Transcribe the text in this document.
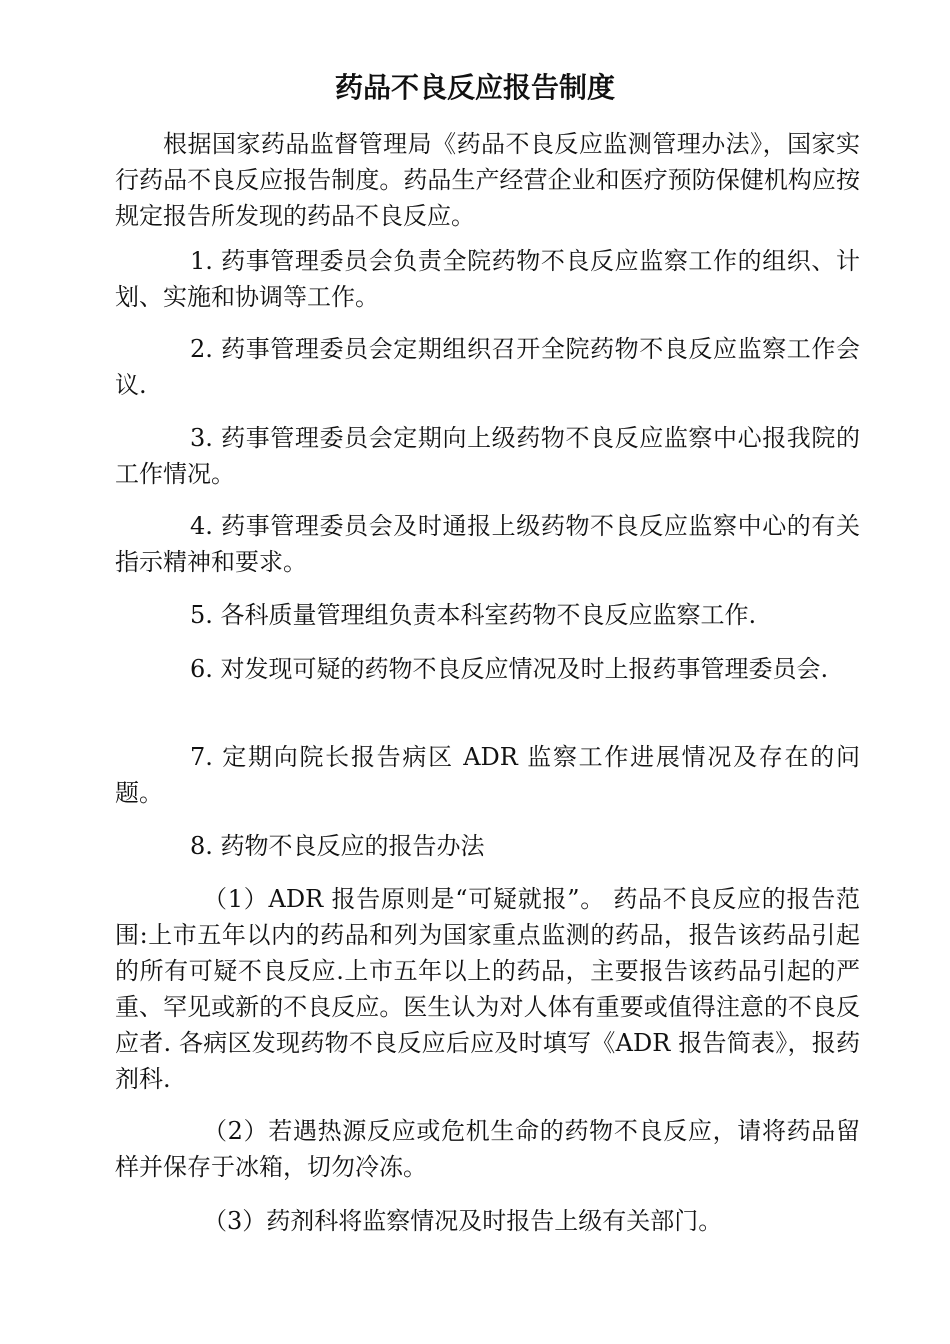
药品不良反应报告制度

根据国家药品监督管理局《药品不良反应监测管理办法》，国家实行药品不良反应报告制度。药品生产经营企业和医疗预防保健机构应按规定报告所发现的药品不良反应。

1. 药事管理委员会负责全院药物不良反应监察工作的组织、计划、实施和协调等工作。

2. 药事管理委员会定期组织召开全院药物不良反应监察工作会议.

3. 药事管理委员会定期向上级药物不良反应监察中心报我院的工作情况。

4. 药事管理委员会及时通报上级药物不良反应监察中心的有关指示精神和要求。

5. 各科质量管理组负责本科室药物不良反应监察工作.

6. 对发现可疑的药物不良反应情况及时上报药事管理委员会.

7. 定期向院长报告病区 ADR 监察工作进展情况及存在的问题。

8. 药物不良反应的报告办法

（1）ADR 报告原则是“可疑就报”。 药品不良反应的报告范围:上市五年以内的药品和列为国家重点监测的药品，报告该药品引起的所有可疑不良反应.上市五年以上的药品，主要报告该药品引起的严重、罕见或新的不良反应。医生认为对人体有重要或值得注意的不良反应者. 各病区发现药物不良反应后应及时填写《ADR 报告简表》，报药剂科.

（2）若遇热源反应或危机生命的药物不良反应，请将药品留样并保存于冰箱，切勿冷冻。

（3）药剂科将监察情况及时报告上级有关部门。
